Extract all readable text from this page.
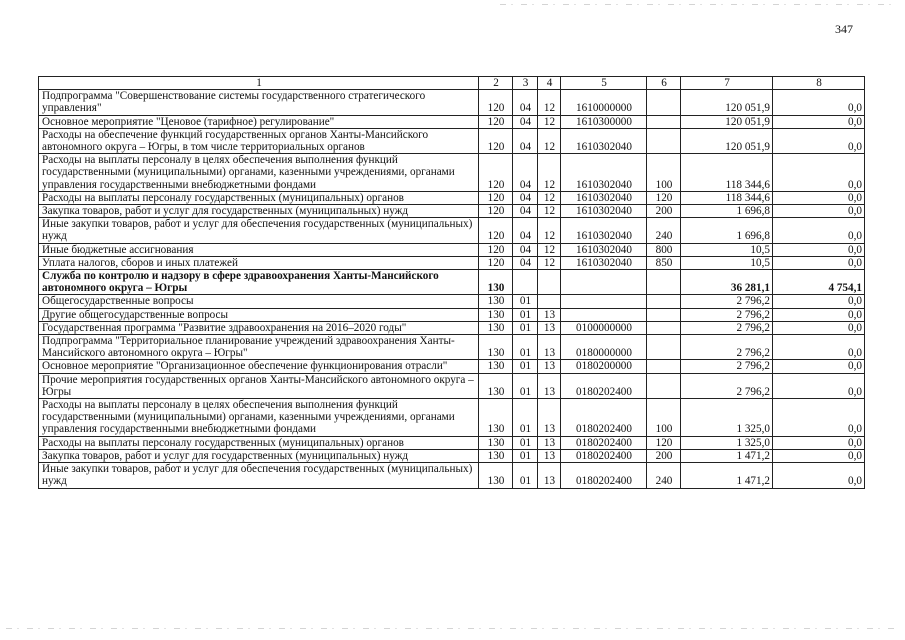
347
1	2	3	4	5	6	7	8
Подпрограмма "Совершенствование системы государственного стратегического управления"	120	04	12	1610000000		120 051,9	0,0
Основное мероприятие "Ценовое (тарифное) регулирование"	120	04	12	1610300000		120 051,9	0,0
Расходы на обеспечение функций государственных органов Ханты-Мансийского автономного округа – Югры, в том числе территориальных органов	120	04	12	1610302040		120 051,9	0,0
Расходы на выплаты персоналу в целях обеспечения выполнения функций государственными (муниципальными) органами, казенными учреждениями, органами управления государственными внебюджетными фондами	120	04	12	1610302040	100	118 344,6	0,0
Расходы на выплаты персоналу государственных (муниципальных) органов	120	04	12	1610302040	120	118 344,6	0,0
Закупка товаров, работ и услуг для государственных (муниципальных) нужд	120	04	12	1610302040	200	1 696,8	0,0
Иные закупки товаров, работ и услуг для обеспечения государственных (муниципальных) нужд	120	04	12	1610302040	240	1 696,8	0,0
Иные бюджетные ассигнования	120	04	12	1610302040	800	10,5	0,0
Уплата налогов, сборов и иных платежей	120	04	12	1610302040	850	10,5	0,0
Служба по контролю и надзору в сфере здравоохранения Ханты-Мансийского автономного округа – Югры	130					36 281,1	4 754,1
Общегосударственные вопросы	130	01				2 796,2	0,0
Другие общегосударственные вопросы	130	01	13			2 796,2	0,0
Государственная программа "Развитие здравоохранения на 2016–2020 годы"	130	01	13	0100000000		2 796,2	0,0
Подпрограмма "Территориальное планирование учреждений здравоохранения Ханты-Мансийского автономного округа – Югры"	130	01	13	0180000000		2 796,2	0,0
Основное мероприятие "Организационное обеспечение функционирования отрасли"	130	01	13	0180200000		2 796,2	0,0
Прочие мероприятия государственных органов Ханты-Мансийского автономного округа – Югры	130	01	13	0180202400		2 796,2	0,0
Расходы на выплаты персоналу в целях обеспечения выполнения функций государственными (муниципальными) органами, казенными учреждениями, органами управления государственными внебюджетными фондами	130	01	13	0180202400	100	1 325,0	0,0
Расходы на выплаты персоналу государственных (муниципальных) органов	130	01	13	0180202400	120	1 325,0	0,0
Закупка товаров, работ и услуг для государственных (муниципальных) нужд	130	01	13	0180202400	200	1 471,2	0,0
Иные закупки товаров, работ и услуг для обеспечения государственных (муниципальных) нужд	130	01	13	0180202400	240	1 471,2	0,0
